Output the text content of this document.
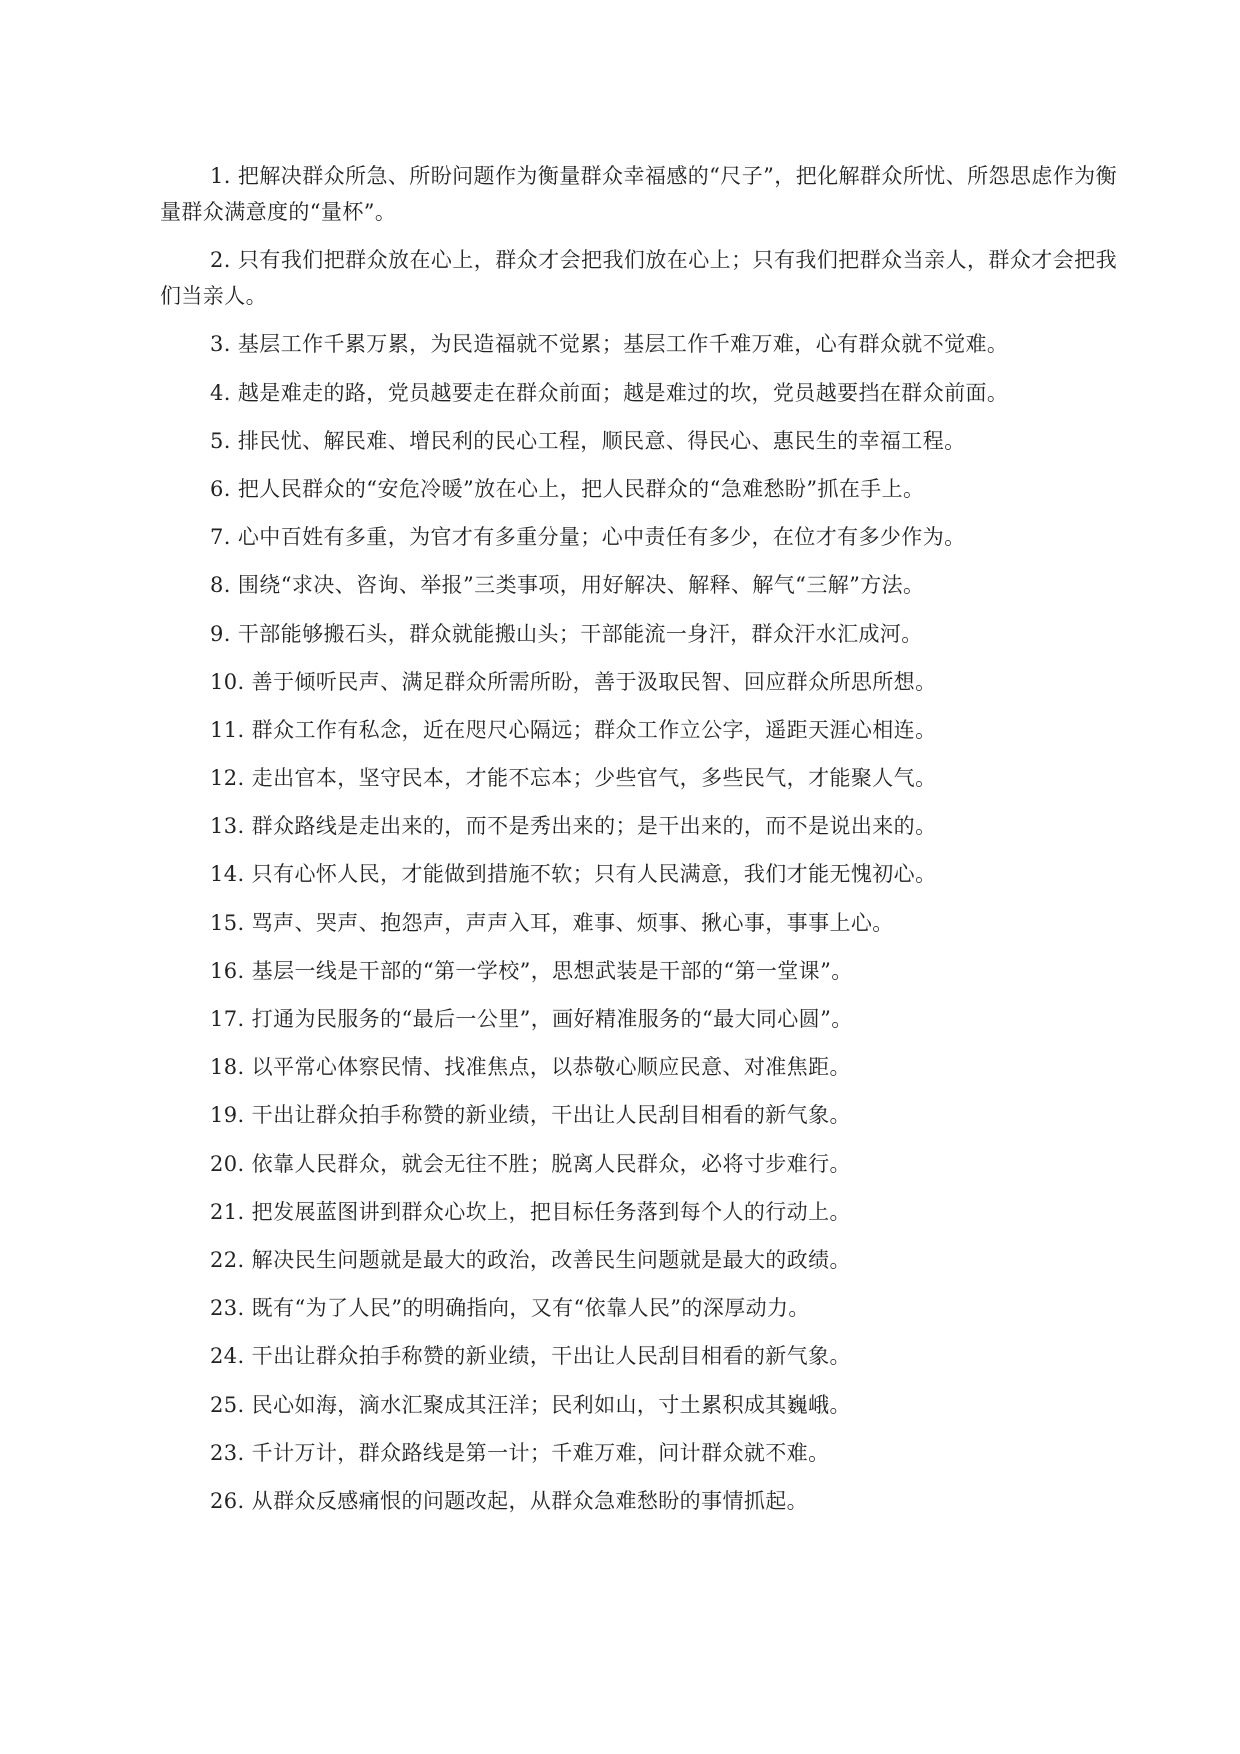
1. 把解决群众所急、所盼问题作为衡量群众幸福感的“尺子”，把化解群众所忧、所怨思虑作为衡量群众满意度的“量杯”。

2. 只有我们把群众放在心上，群众才会把我们放在心上；只有我们把群众当亲人，群众才会把我们当亲人。

3. 基层工作千累万累，为民造福就不觉累；基层工作千难万难，心有群众就不觉难。

4. 越是难走的路，党员越要走在群众前面；越是难过的坎，党员越要挡在群众前面。

5. 排民忧、解民难、增民利的民心工程，顺民意、得民心、惠民生的幸福工程。

6. 把人民群众的“安危冷暖”放在心上，把人民群众的“急难愁盼”抓在手上。

7. 心中百姓有多重，为官才有多重分量；心中责任有多少，在位才有多少作为。

8. 围绕“求决、咨询、举报”三类事项，用好解决、解释、解气“三解”方法。

9. 干部能够搬石头，群众就能搬山头；干部能流一身汗，群众汗水汇成河。

10. 善于倾听民声、满足群众所需所盼，善于汲取民智、回应群众所思所想。

11. 群众工作有私念，近在咫尺心隔远；群众工作立公字，遥距天涯心相连。

12. 走出官本，坚守民本，才能不忘本；少些官气，多些民气，才能聚人气。

13. 群众路线是走出来的，而不是秀出来的；是干出来的，而不是说出来的。

14. 只有心怀人民，才能做到措施不软；只有人民满意，我们才能无愧初心。

15. 骂声、哭声、抱怨声，声声入耳，难事、烦事、揪心事，事事上心。

16. 基层一线是干部的“第一学校”，思想武装是干部的“第一堂课”。

17. 打通为民服务的“最后一公里”，画好精准服务的“最大同心圆”。

18. 以平常心体察民情、找准焦点，以恭敬心顺应民意、对准焦距。

19. 干出让群众拍手称赞的新业绩，干出让人民刮目相看的新气象。

20. 依靠人民群众，就会无往不胜；脱离人民群众，必将寸步难行。

21. 把发展蓝图讲到群众心坎上，把目标任务落到每个人的行动上。

22. 解决民生问题就是最大的政治，改善民生问题就是最大的政绩。

23. 既有“为了人民”的明确指向，又有“依靠人民”的深厚动力。

24. 干出让群众拍手称赞的新业绩，干出让人民刮目相看的新气象。

25. 民心如海，滴水汇聚成其汪洋；民利如山，寸土累积成其巍峨。

23. 千计万计，群众路线是第一计；千难万难，问计群众就不难。

26. 从群众反感痛恨的问题改起，从群众急难愁盼的事情抓起。
